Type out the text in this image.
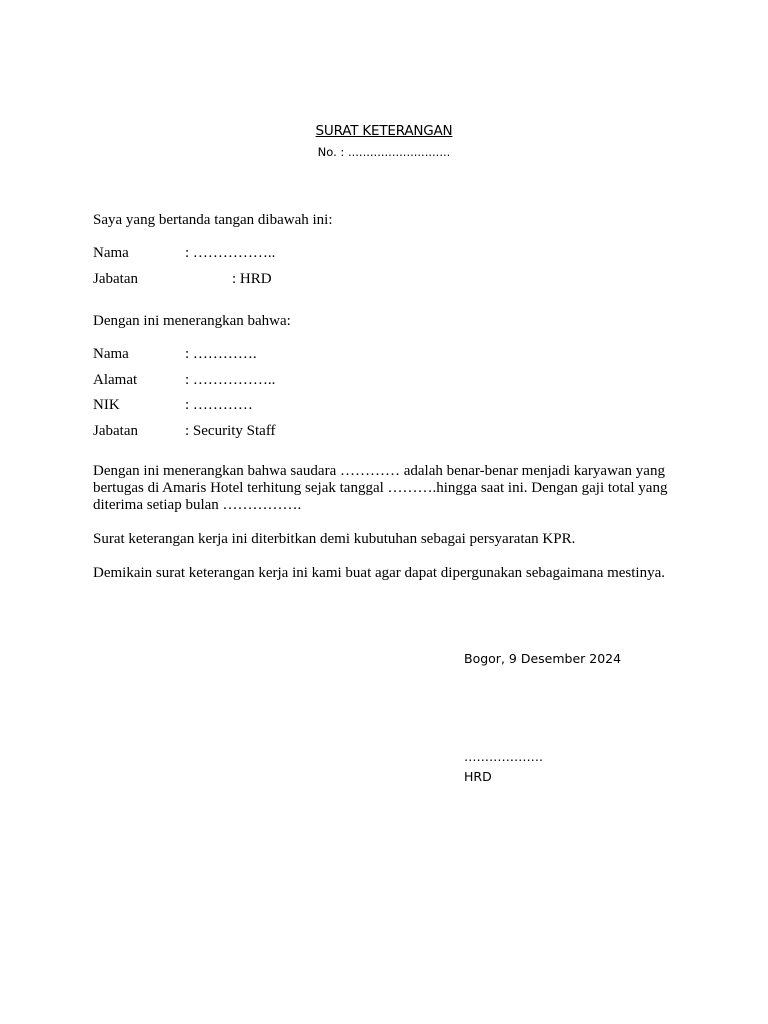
SURAT KETERANGAN
No. : ............................
Saya yang bertanda tangan dibawah ini:
Nama	: ……………..
Jabatan	: HRD
Dengan ini menerangkan bahwa:
Nama	: ………….
Alamat	: ……………..
NIK	: …………
Jabatan	: Security Staff
Dengan ini menerangkan bahwa saudara ………… adalah benar-benar menjadi karyawan yang bertugas di Amaris Hotel terhitung sejak tanggal ……….hingga saat ini. Dengan gaji total yang diterima setiap bulan …………….
Surat keterangan kerja ini diterbitkan demi kubutuhan sebagai persyaratan KPR.
Demikain surat keterangan kerja ini kami buat agar dapat dipergunakan sebagaimana mestinya.
Bogor, 9 Desember 2024
……………….
HRD
